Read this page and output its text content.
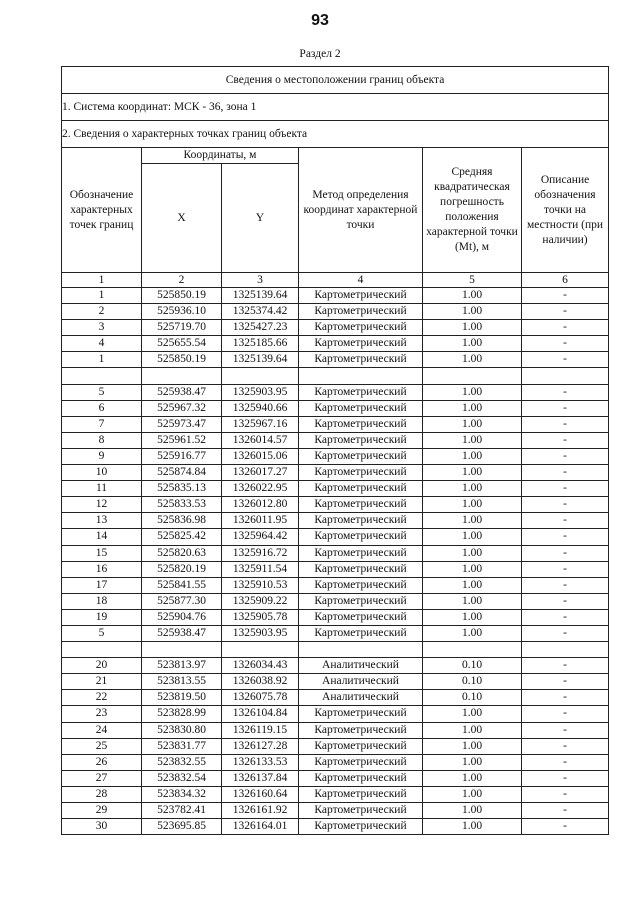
93
Раздел 2
Сведения о местоположении границ объекта					
1. Система координат: МСК - 36, зона 1					
2. Сведения о характерных точках границ объекта					
Обозначение характерных точек границ	Координаты, м		Метод определения координат характерной точки	Средняя квадратическая погрешность положения характерной точки (Mt), м	Описание обозначения точки на местности (при наличии)
	X	Y			
1	2	3	4	5	6
1	525850.19	1325139.64	Картометрический	1.00	-
2	525936.10	1325374.42	Картометрический	1.00	-
3	525719.70	1325427.23	Картометрический	1.00	-
4	525655.54	1325185.66	Картометрический	1.00	-
1	525850.19	1325139.64	Картометрический	1.00	-

5	525938.47	1325903.95	Картометрический	1.00	-
6	525967.32	1325940.66	Картометрический	1.00	-
7	525973.47	1325967.16	Картометрический	1.00	-
8	525961.52	1326014.57	Картометрический	1.00	-
9	525916.77	1326015.06	Картометрический	1.00	-
10	525874.84	1326017.27	Картометрический	1.00	-
11	525835.13	1326022.95	Картометрический	1.00	-
12	525833.53	1326012.80	Картометрический	1.00	-
13	525836.98	1326011.95	Картометрический	1.00	-
14	525825.42	1325964.42	Картометрический	1.00	-
15	525820.63	1325916.72	Картометрический	1.00	-
16	525820.19	1325911.54	Картометрический	1.00	-
17	525841.55	1325910.53	Картометрический	1.00	-
18	525877.30	1325909.22	Картометрический	1.00	-
19	525904.76	1325905.78	Картометрический	1.00	-
5	525938.47	1325903.95	Картометрический	1.00	-

20	523813.97	1326034.43	Аналитический	0.10	-
21	523813.55	1326038.92	Аналитический	0.10	-
22	523819.50	1326075.78	Аналитический	0.10	-
23	523828.99	1326104.84	Картометрический	1.00	-
24	523830.80	1326119.15	Картометрический	1.00	-
25	523831.77	1326127.28	Картометрический	1.00	-
26	523832.55	1326133.53	Картометрический	1.00	-
27	523832.54	1326137.84	Картометрический	1.00	-
28	523834.32	1326160.64	Картометрический	1.00	-
29	523782.41	1326161.92	Картометрический	1.00	-
30	523695.85	1326164.01	Картометрический	1.00	-
